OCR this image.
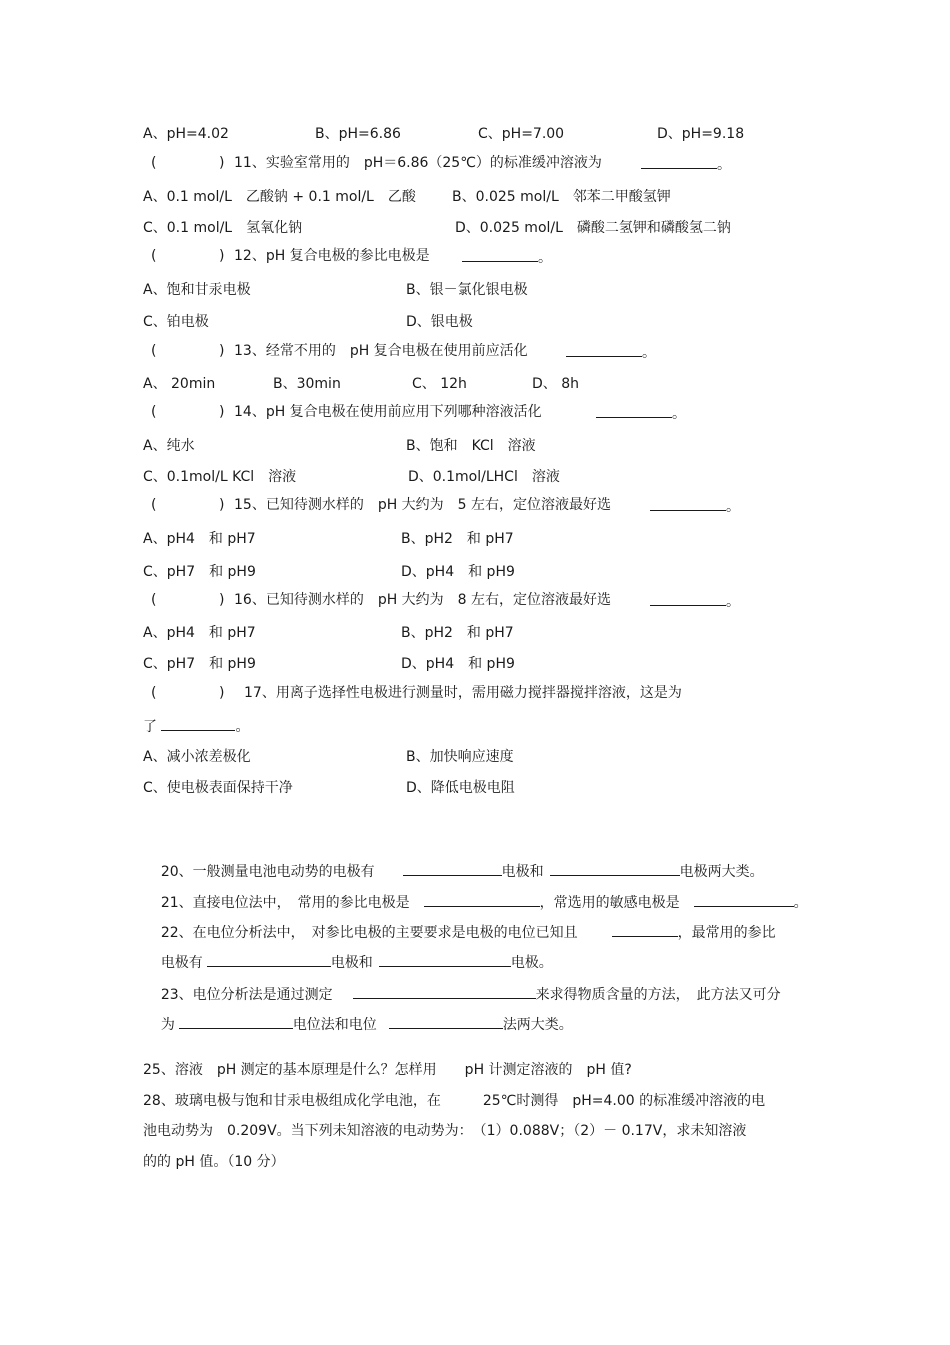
A、pH=4.02	B、pH=6.86	C、pH=7.00	D、pH=9.18
(	) 11、实验室常用的　pH＝6.86（25℃）的标准缓冲溶液为	。
A、0.1 mol/L　乙酸钠 + 0.1 mol/L　乙酸	B、0.025 mol/L　邻苯二甲酸氢钾
C、0.1 mol/L　氢氧化钠	D、0.025 mol/L　磷酸二氢钾和磷酸氢二钠
(	) 12、pH 复合电极的参比电极是	。
A、饱和甘汞电极	B、银－氯化银电极
C、铂电极	D、银电极
(	) 13、经常不用的　pH 复合电极在使用前应活化	。
A、 20min	B、30min	C、 12h	D、 8h
(	) 14、pH 复合电极在使用前应用下列哪种溶液活化	。
A、纯水	B、饱和　KCl　溶液
C、0.1mol/L KCl　溶液	D、0.1mol/LHCl　溶液
(	) 15、已知待测水样的　pH 大约为　5 左右，定位溶液最好选	。
A、pH4　和 pH7	B、pH2　和 pH7
C、pH7　和 pH9	D、pH4　和 pH9
(	) 16、已知待测水样的　pH 大约为　8 左右，定位溶液最好选	。
A、pH4　和 pH7	B、pH2　和 pH7
C、pH7　和 pH9	D、pH4　和 pH9
(	) 17、用离子选择性电极进行测量时，需用磁力搅拌器搅拌溶液，这是为
了	。
A、减小浓差极化	B、加快响应速度
C、使电极表面保持干净	D、降低电极电阻

20、一般测量电池电动势的电极有	电极和	电极两大类。

21、直接电位法中，　常用的参比电极是	，常选用的敏感电极是	。

22、在电位分析法中，　对参比电极的主要要求是电极的电位已知且	，最常用的参比

电极有	电极和	电极。

23、电位分析法是通过测定	来求得物质含量的方法，　此方法又可分

为	电位法和电位	法两大类。

25、溶液　pH 测定的基本原理是什么？怎样用　　pH 计测定溶液的　pH 值?
28、玻璃电极与饱和甘汞电极组成化学电池，在　　　25℃时测得　pH=4.00 的标准缓冲溶液的电
池电动势为　0.209V。当下列未知溶液的电动势为：　（1）0.088V；（2）－ 0.17V，求未知溶液
的的 pH 值。（10 分）
